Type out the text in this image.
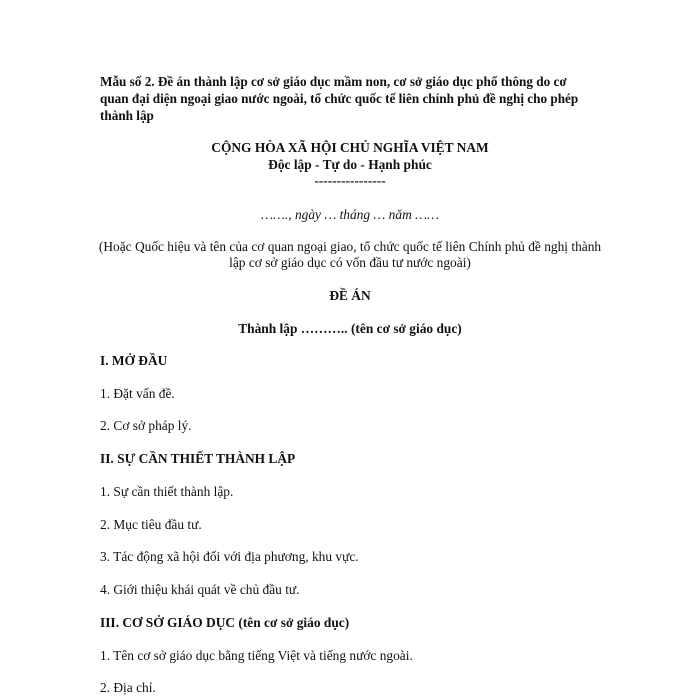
Mẫu số 2. Đề án thành lập cơ sở giáo dục mầm non, cơ sở giáo dục phổ thông do cơ
quan đại diện ngoại giao nước ngoài, tổ chức quốc tế liên chính phủ đề nghị cho phép
thành lập
CỘNG HÒA XÃ HỘI CHỦ NGHĨA VIỆT NAM
Độc lập - Tự do - Hạnh phúc
----------------
……., ngày … tháng … năm ……
(Hoặc Quốc hiệu và tên của cơ quan ngoại giao, tổ chức quốc tế liên Chính phủ đề nghị thành
lập cơ sở giáo dục có vốn đầu tư nước ngoài)
ĐỀ ÁN
Thành lập ……….. (tên cơ sở giáo dục)
I. MỞ ĐẦU
1. Đặt vấn đề.
2. Cơ sở pháp lý.
II. SỰ CẦN THIẾT THÀNH LẬP
1. Sự cần thiết thành lập.
2. Mục tiêu đầu tư.
3. Tác động xã hội đối với địa phương, khu vực.
4. Giới thiệu khái quát về chủ đầu tư.
III. CƠ SỞ GIÁO DỤC (tên cơ sở giáo dục)
1. Tên cơ sở giáo dục bằng tiếng Việt và tiếng nước ngoài.
2. Địa chỉ.
